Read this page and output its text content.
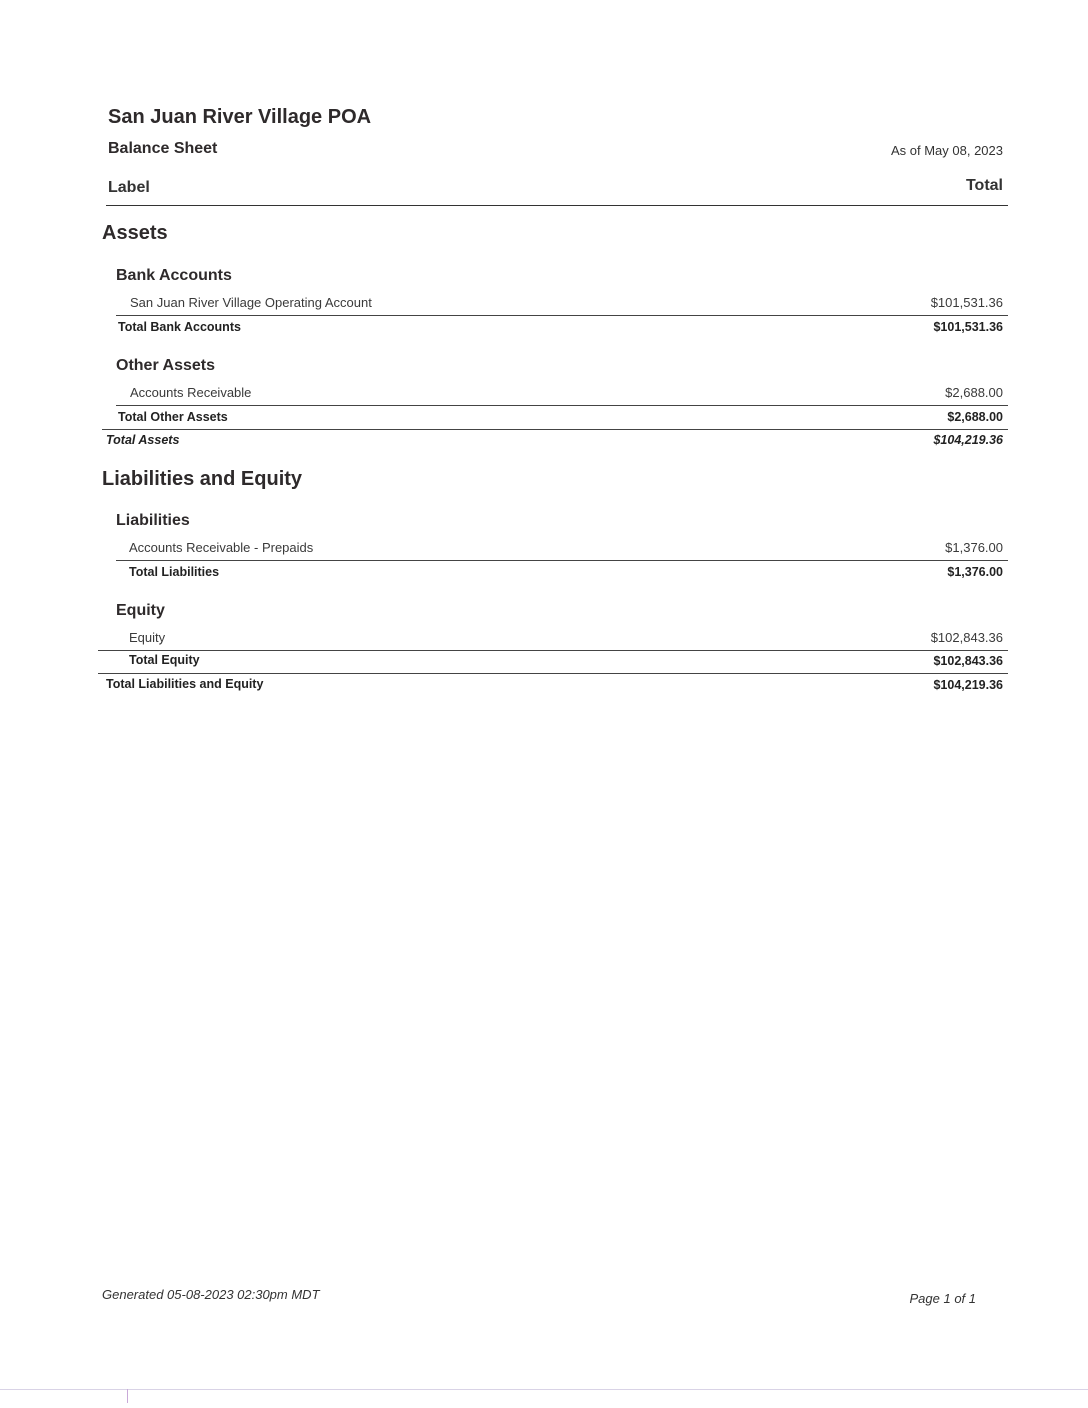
San Juan River Village POA
Balance Sheet	As of May 08, 2023
Label	Total
Assets
Bank Accounts
San Juan River Village Operating Account	$101,531.36
Total Bank Accounts	$101,531.36
Other Assets
Accounts Receivable	$2,688.00
Total Other Assets	$2,688.00
Total Assets	$104,219.36
Liabilities and Equity
Liabilities
Accounts Receivable - Prepaids	$1,376.00
Total Liabilities	$1,376.00
Equity
Equity	$102,843.36
Total Equity	$102,843.36
Total Liabilities and Equity	$104,219.36
Generated 05-08-2023 02:30pm MDT	Page 1 of 1
